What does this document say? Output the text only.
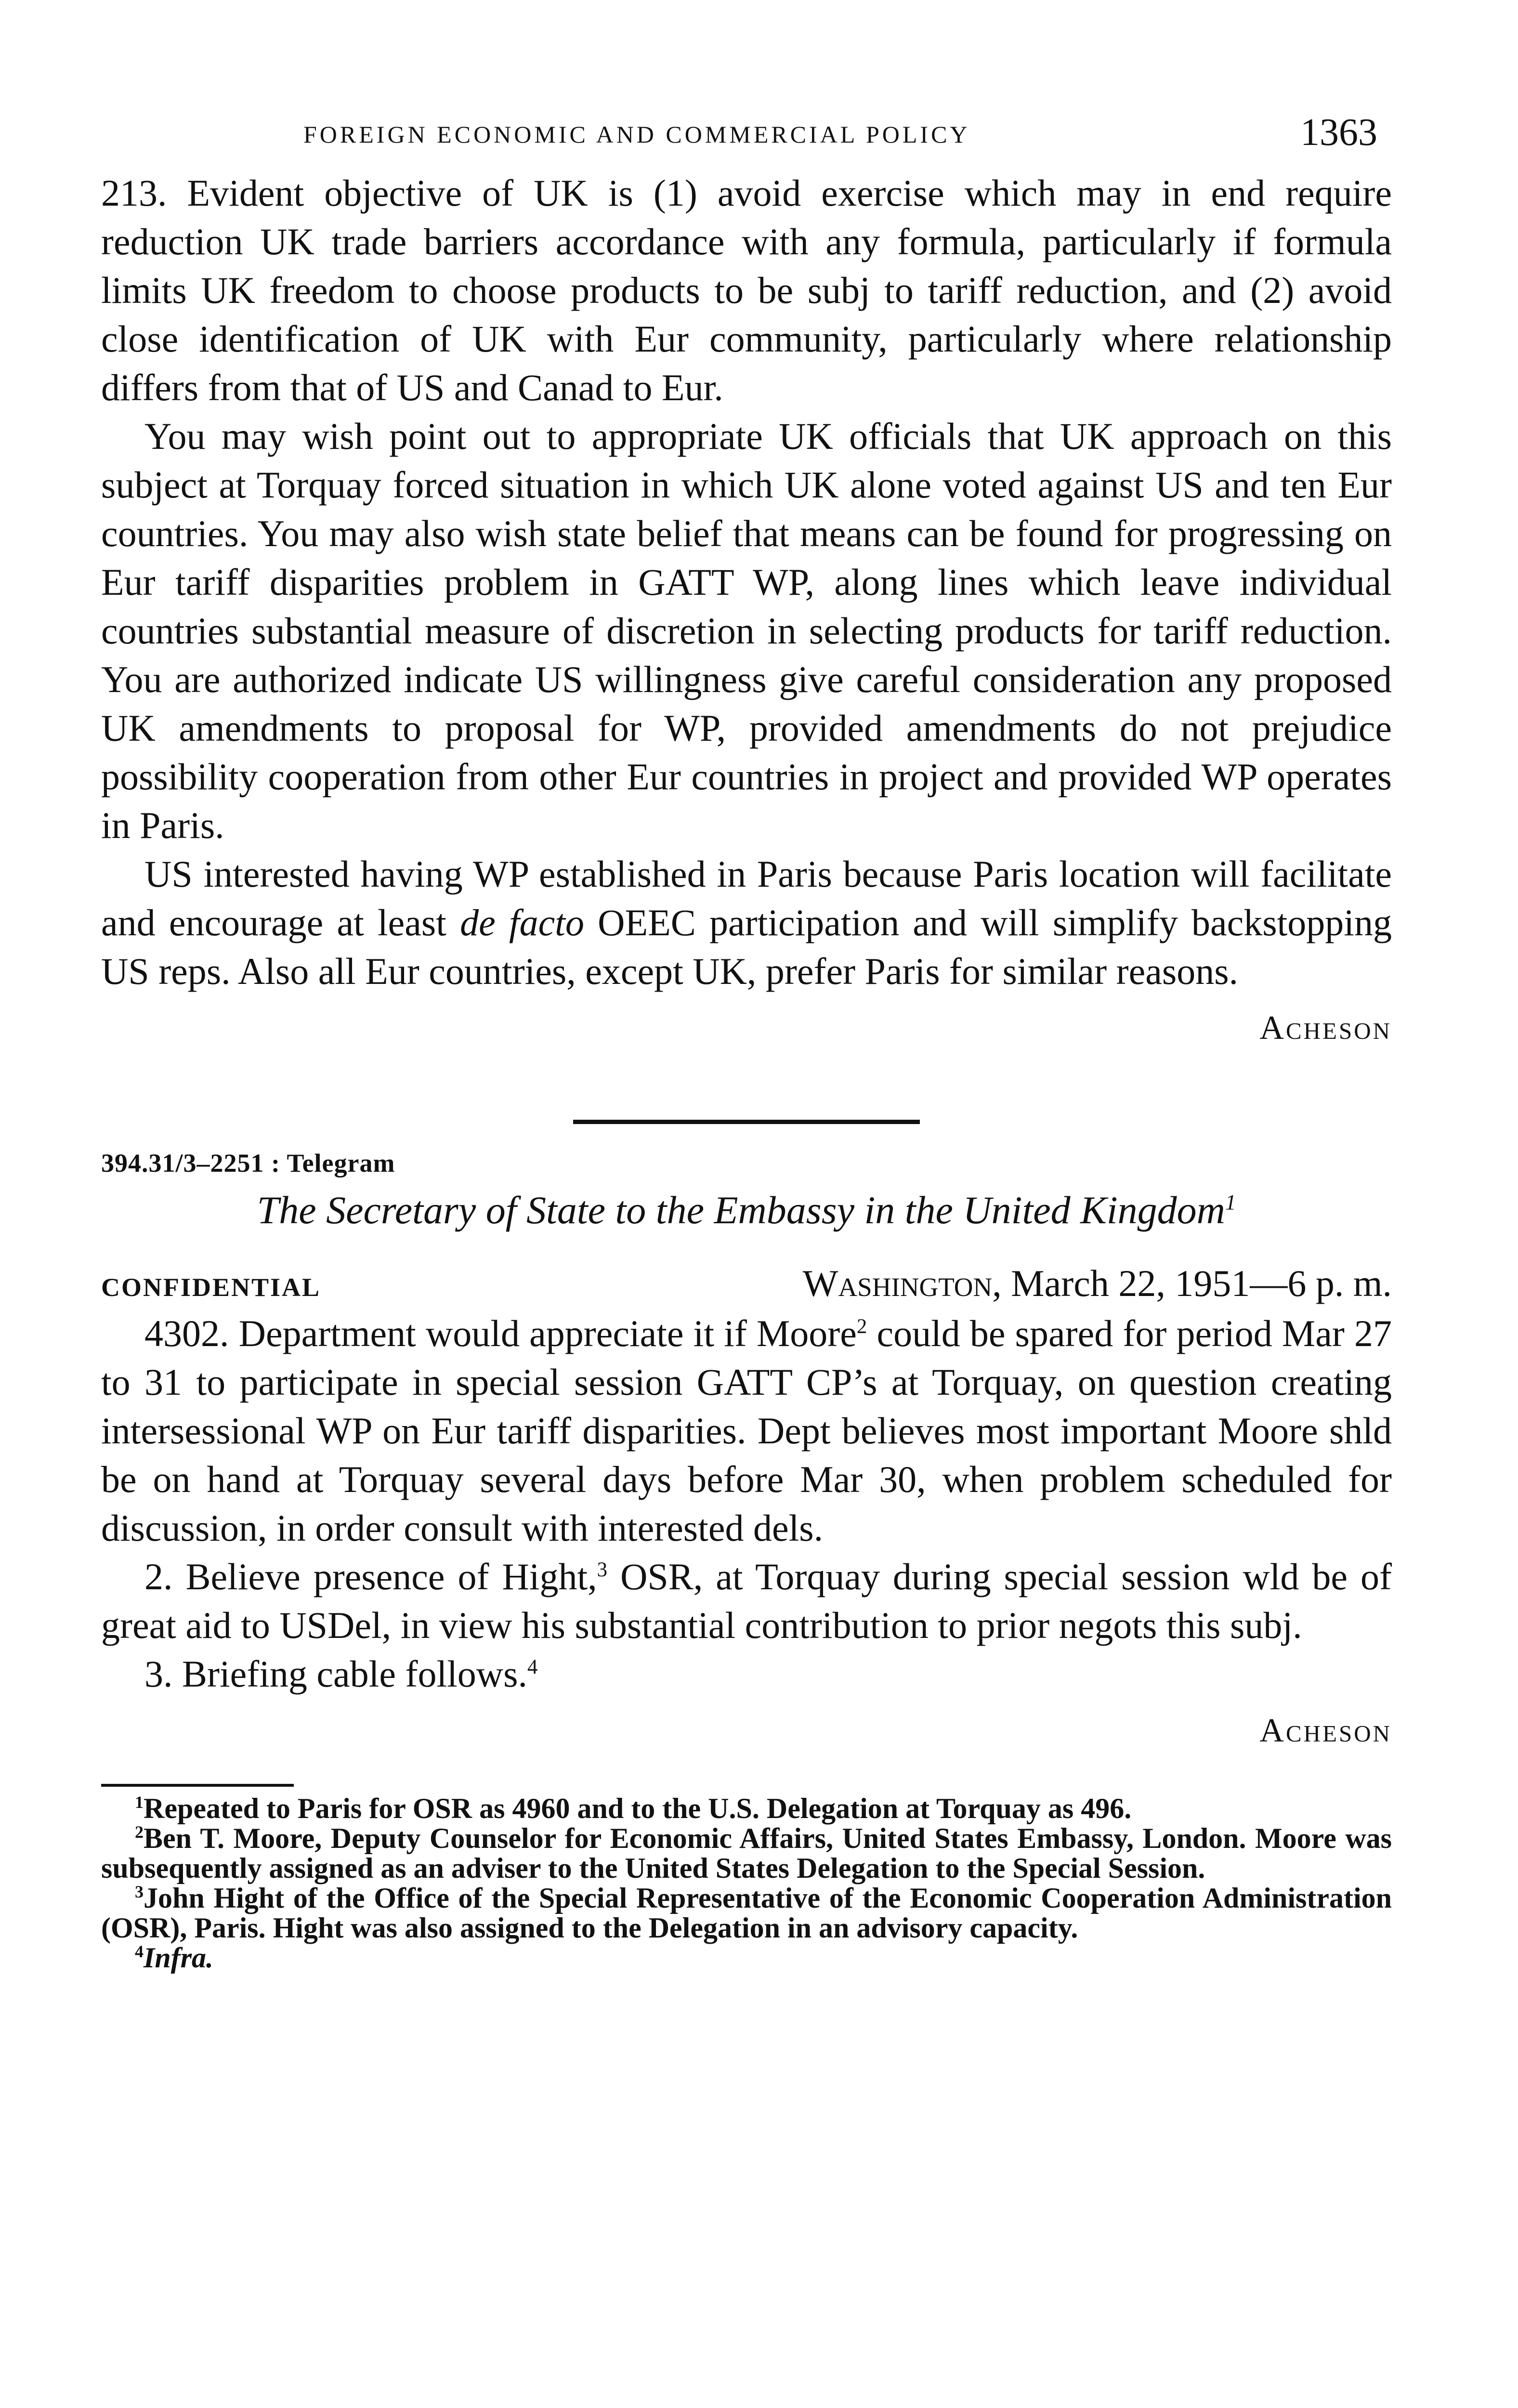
FOREIGN ECONOMIC AND COMMERCIAL POLICY	1363

213. Evident objective of UK is (1) avoid exercise which may in end require reduction UK trade barriers accordance with any formula, particularly if formula limits UK freedom to choose products to be subj to tariff reduction, and (2) avoid close identification of UK with Eur community, particularly where relationship differs from that of US and Canad to Eur.

You may wish point out to appropriate UK officials that UK approach on this subject at Torquay forced situation in which UK alone voted against US and ten Eur countries. You may also wish state belief that means can be found for progressing on Eur tariff disparities problem in GATT WP, along lines which leave individual countries substantial measure of discretion in selecting products for tariff reduction. You are authorized indicate US willingness give careful consideration any proposed UK amendments to proposal for WP, provided amendments do not prejudice possibility cooperation from other Eur countries in project and provided WP operates in Paris.

US interested having WP established in Paris because Paris location will facilitate and encourage at least de facto OEEC participation and will simplify backstopping US reps. Also all Eur countries, except UK, prefer Paris for similar reasons.

Acheson
394.31/3–2251 : Telegram
The Secretary of State to the Embassy in the United Kingdom$^1$
CONFIDENTIAL	Washington, March 22, 1951—6 p. m.

4302. Department would appreciate it if Moore$^2$ could be spared for period Mar 27 to 31 to participate in special session GATT CP’s at Torquay, on question creating intersessional WP on Eur tariff disparities. Dept believes most important Moore shld be on hand at Torquay several days before Mar 30, when problem scheduled for discussion, in order consult with interested dels.

2. Believe presence of Hight,$^3$ OSR, at Torquay during special session wld be of great aid to USDel, in view his substantial contribution to prior negots this subj.

3. Briefing cable follows.$^4$

Acheson

$^1$Repeated to Paris for OSR as 4960 and to the U.S. Delegation at Torquay as 496.

$^2$Ben T. Moore, Deputy Counselor for Economic Affairs, United States Embassy, London. Moore was subsequently assigned as an adviser to the United States Delegation to the Special Session.

$^3$John Hight of the Office of the Special Representative of the Economic Cooperation Administration (OSR), Paris. Hight was also assigned to the Delegation in an advisory capacity.

$^4$Infra.
